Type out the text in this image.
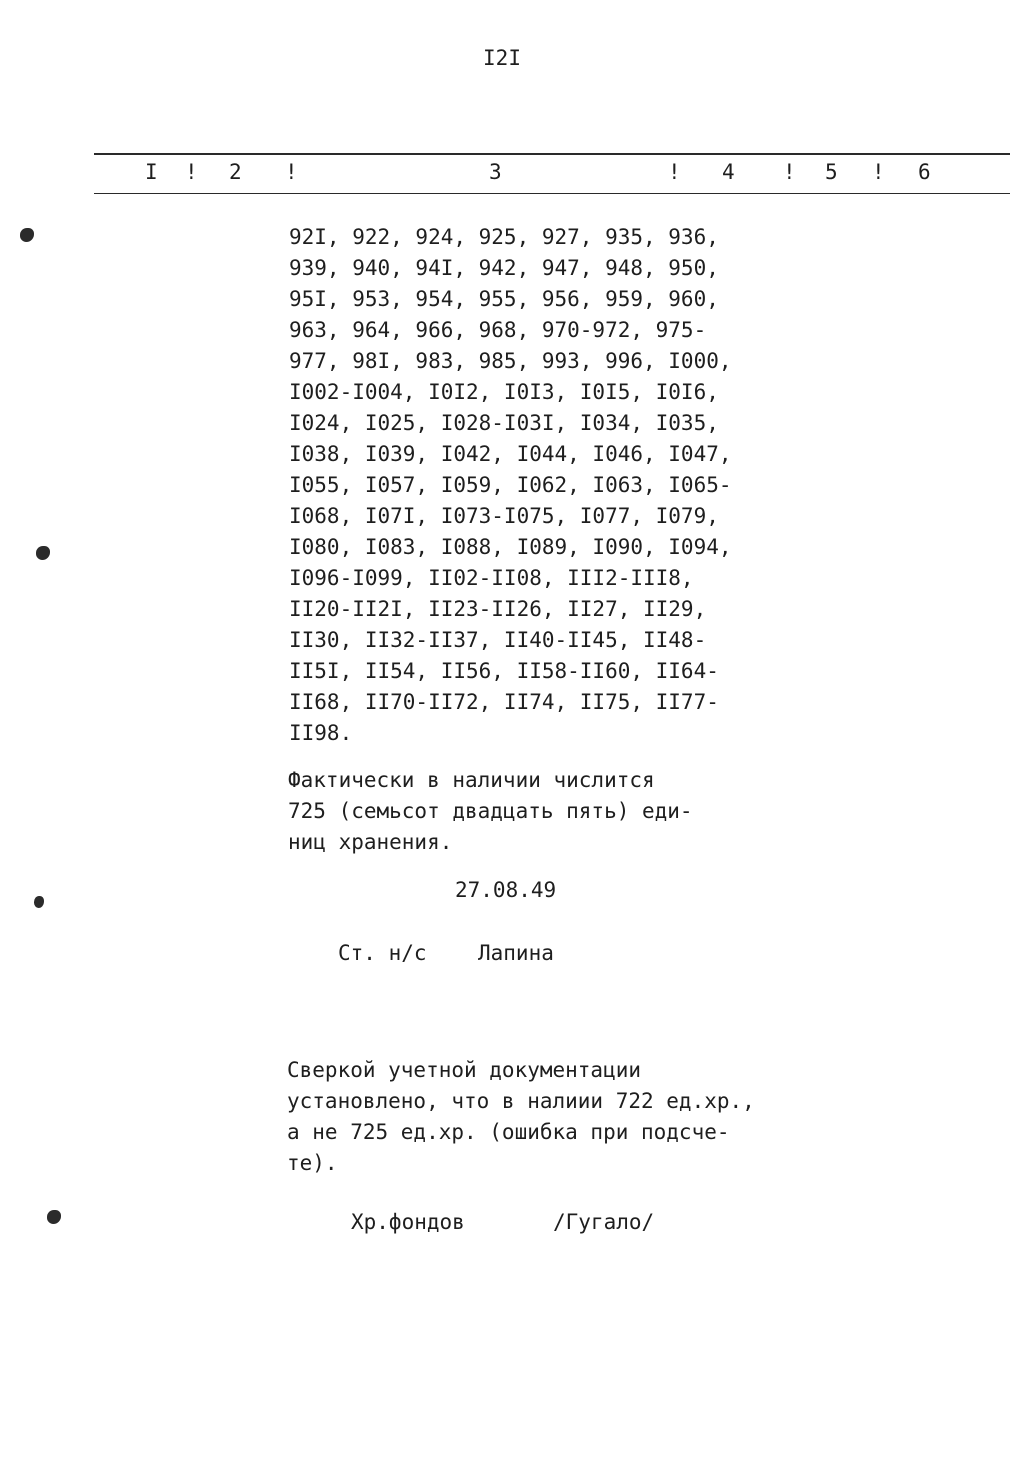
I2I
I ! 2 !	3	! 4 ! 5 ! 6
92I, 922, 924, 925, 927, 935, 936,
939, 940, 94I, 942, 947, 948, 950,
95I, 953, 954, 955, 956, 959, 960,
963, 964, 966, 968, 970-972, 975-
977, 98I, 983, 985, 993, 996, I000,
I002-I004, I0I2, I0I3, I0I5, I0I6,
I024, I025, I028-I03I, I034, I035,
I038, I039, I042, I044, I046, I047,
I055, I057, I059, I062, I063, I065-
I068, I07I, I073-I075, I077, I079,
I080, I083, I088, I089, I090, I094,
I096-I099, II02-II08, III2-III8,
II20-II2I, II23-II26, II27, II29,
II30, II32-II37, II40-II45, II48-
II5I, II54, II56, II58-II60, II64-
II68, II70-II72, II74, II75, II77-
II98.
Фактически в наличии числится
725 (семьсот двадцать пять) еди-
ниц хранения.
27.08.49
Ст. н/с Лапина
Сверкой учетной документации
установлено, что в налиии 722 ед.хр.,
а не 725 ед.хр. (ошибка при подсче-
те).
Хр.фондов	/Гугало/
